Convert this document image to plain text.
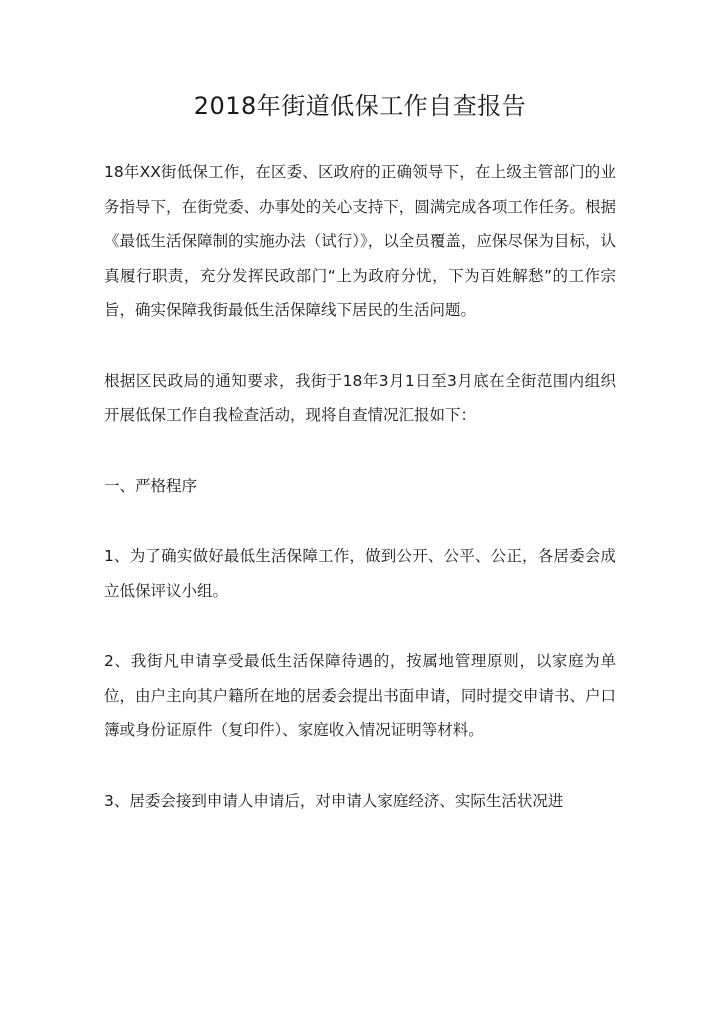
2018年街道低保工作自查报告

18年XX街低保工作，在区委、区政府的正确领导下，在上级主管部门的业务指导下，在街党委、办事处的关心支持下，圆满完成各项工作任务。根据《最低生活保障制的实施办法（试行）》，以全员覆盖，应保尽保为目标，认真履行职责，充分发挥民政部门“上为政府分忧，下为百姓解愁”的工作宗旨，确实保障我街最低生活保障线下居民的生活问题。

根据区民政局的通知要求，我街于18年3月1日至3月底在全街范围内组织开展低保工作自我检查活动，现将自查情况汇报如下：

一、严格程序

1、为了确实做好最低生活保障工作，做到公开、公平、公正，各居委会成立低保评议小组。

2、我街凡申请享受最低生活保障待遇的，按属地管理原则，以家庭为单位，由户主向其户籍所在地的居委会提出书面申请，同时提交申请书、户口簿或身份证原件（复印件）、家庭收入情况证明等材料。

3、居委会接到申请人申请后，对申请人家庭经济、实际生活状况进
